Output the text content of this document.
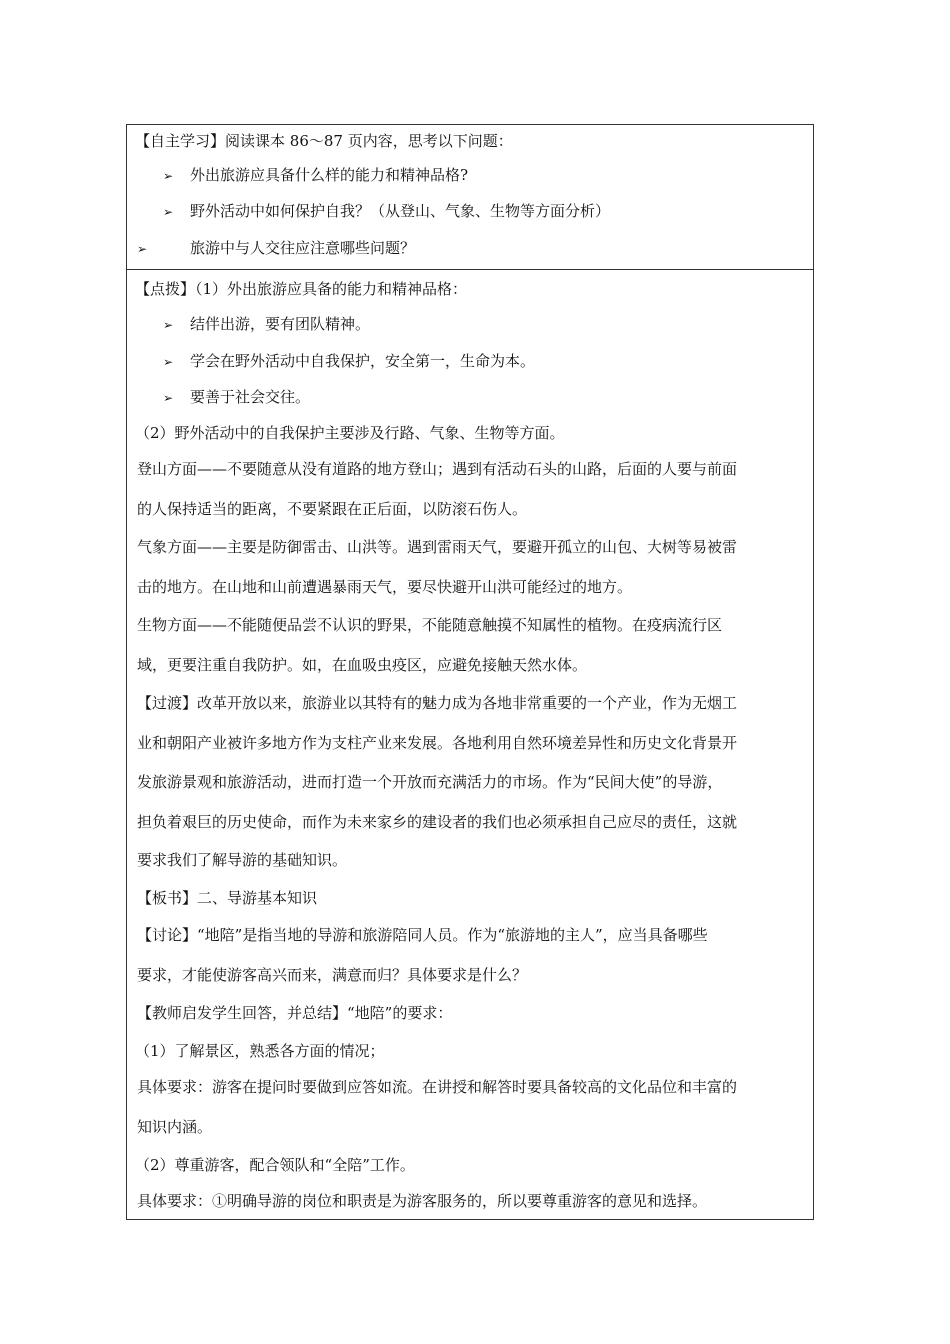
【自主学习】阅读课本 86～87 页内容，思考以下问题：
➢ 外出旅游应具备什么样的能力和精神品格?
➢ 野外活动中如何保护自我？（从登山、气象、生物等方面分析）
➢	旅游中与人交往应注意哪些问题？
【点拨】（1）外出旅游应具备的能力和精神品格：
➢ 结伴出游，要有团队精神。
➢ 学会在野外活动中自我保护，安全第一，生命为本。
➢ 要善于社会交往。
（2）野外活动中的自我保护主要涉及行路、气象、生物等方面。
登山方面——不要随意从没有道路的地方登山；遇到有活动石头的山路，后面的人要与前面
的人保持适当的距离，不要紧跟在正后面，以防滚石伤人。
气象方面——主要是防御雷击、山洪等。遇到雷雨天气，要避开孤立的山包、大树等易被雷
击的地方。在山地和山前遭遇暴雨天气，要尽快避开山洪可能经过的地方。
生物方面——不能随便品尝不认识的野果，不能随意触摸不知属性的植物。在疫病流行区
域，更要注重自我防护。如，在血吸虫疫区，应避免接触天然水体。
【过渡】改革开放以来，旅游业以其特有的魅力成为各地非常重要的一个产业，作为无烟工
业和朝阳产业被许多地方作为支柱产业来发展。各地利用自然环境差异性和历史文化背景开
发旅游景观和旅游活动，进而打造一个开放而充满活力的市场。作为“民间大使”的导游，
担负着艰巨的历史使命，而作为未来家乡的建设者的我们也必须承担自己应尽的责任，这就
要求我们了解导游的基础知识。
【板书】二、导游基本知识
【讨论】“地陪”是指当地的导游和旅游陪同人员。作为“旅游地的主人”，应当具备哪些
要求，才能使游客高兴而来，满意而归？具体要求是什么？
【教师启发学生回答，并总结】“地陪”的要求：
（1）了解景区，熟悉各方面的情况；
具体要求：游客在提问时要做到应答如流。在讲授和解答时要具备较高的文化品位和丰富的
知识内涵。
（2）尊重游客，配合领队和“全陪”工作。
具体要求：①明确导游的岗位和职责是为游客服务的，所以要尊重游客的意见和选择。
